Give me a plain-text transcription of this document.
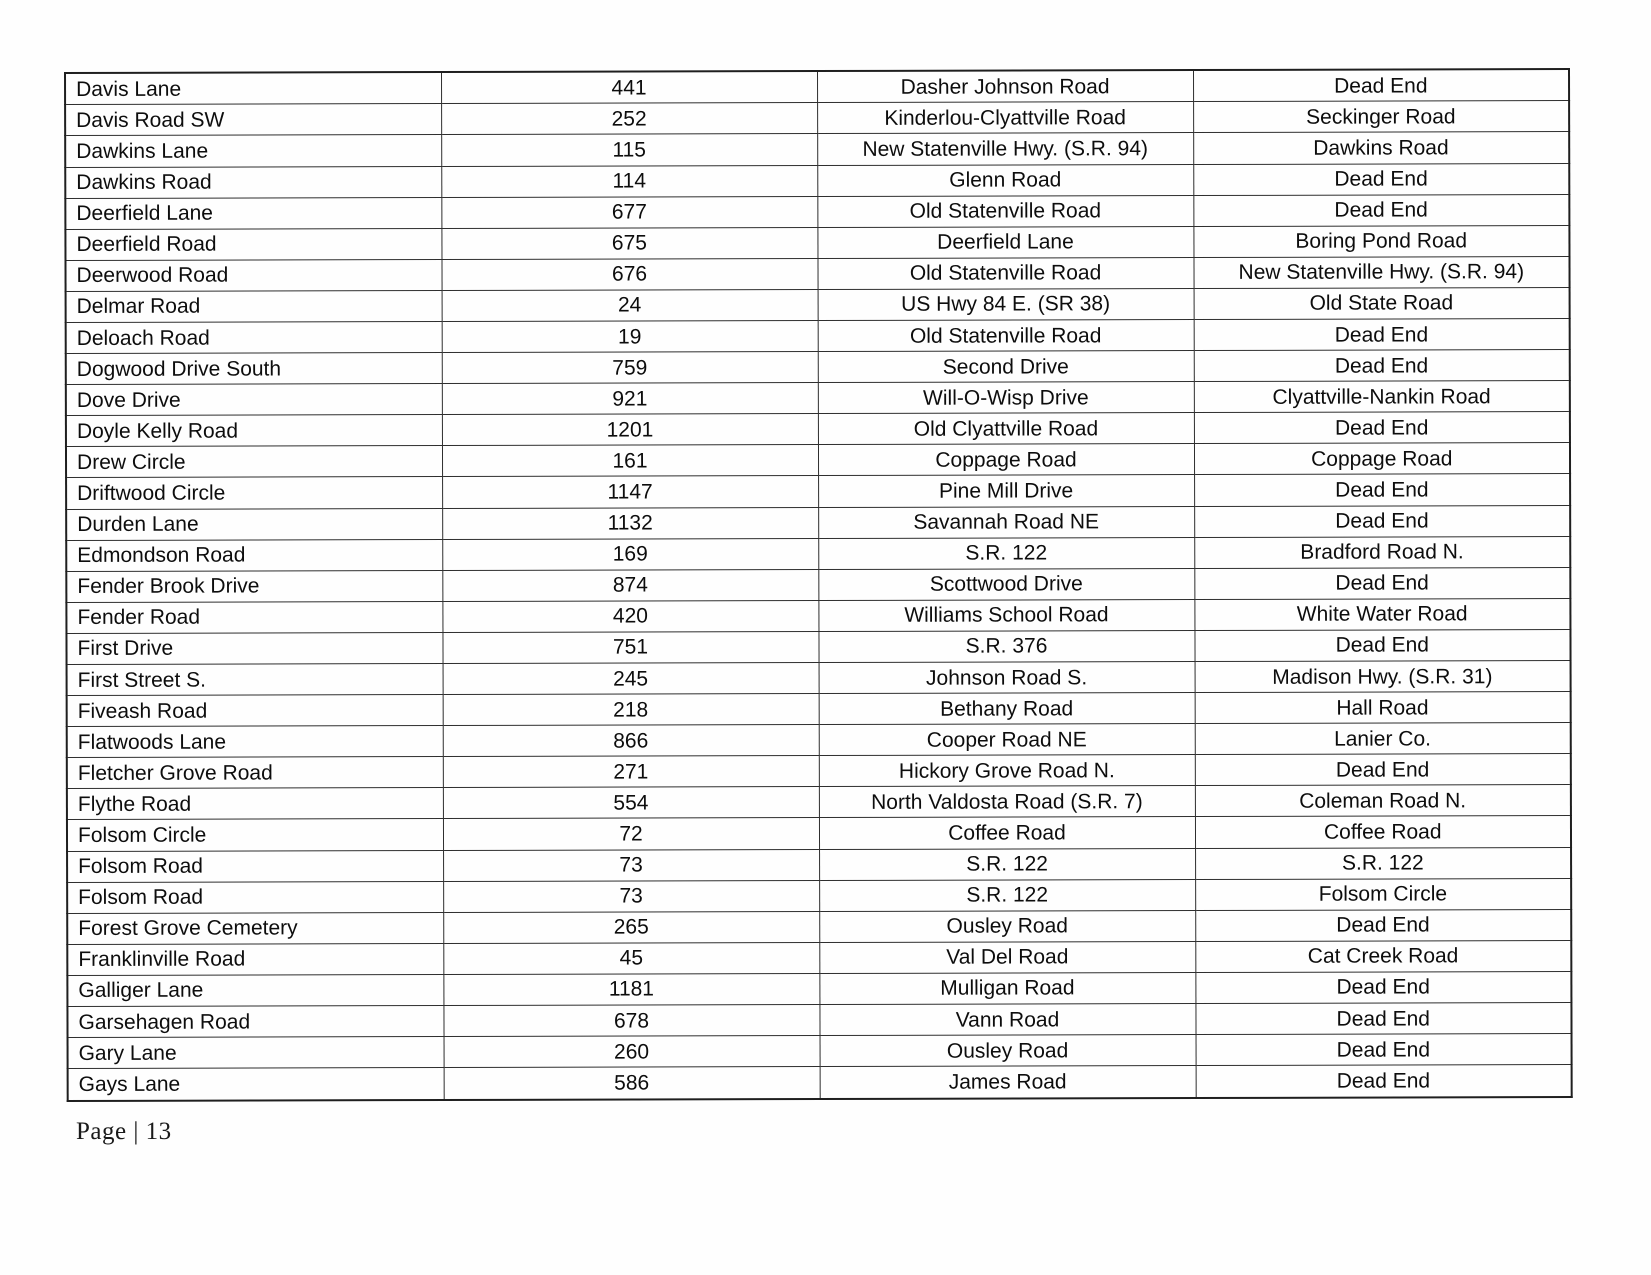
Davis Lane	441	Dasher Johnson Road	Dead End
Davis Road SW	252	Kinderlou-Clyattville Road	Seckinger Road
Dawkins Lane	115	New Statenville Hwy. (S.R. 94)	Dawkins Road
Dawkins Road	114	Glenn Road	Dead End
Deerfield Lane	677	Old Statenville Road	Dead End
Deerfield Road	675	Deerfield Lane	Boring Pond Road
Deerwood Road	676	Old Statenville Road	New Statenville Hwy. (S.R. 94)
Delmar Road	24	US Hwy 84 E. (SR 38)	Old State Road
Deloach Road	19	Old Statenville Road	Dead End
Dogwood Drive South	759	Second Drive	Dead End
Dove Drive	921	Will-O-Wisp Drive	Clyattville-Nankin Road
Doyle Kelly Road	1201	Old Clyattville Road	Dead End
Drew Circle	161	Coppage Road	Coppage Road
Driftwood Circle	1147	Pine Mill Drive	Dead End
Durden Lane	1132	Savannah Road NE	Dead End
Edmondson Road	169	S.R. 122	Bradford Road N.
Fender Brook Drive	874	Scottwood Drive	Dead End
Fender Road	420	Williams School Road	White Water Road
First Drive	751	S.R. 376	Dead End
First Street S.	245	Johnson Road S.	Madison Hwy. (S.R. 31)
Fiveash Road	218	Bethany Road	Hall Road
Flatwoods Lane	866	Cooper Road NE	Lanier Co.
Fletcher Grove Road	271	Hickory Grove Road N.	Dead End
Flythe Road	554	North Valdosta Road (S.R. 7)	Coleman Road N.
Folsom Circle	72	Coffee Road	Coffee Road
Folsom Road	73	S.R. 122	S.R. 122
Folsom Road	73	S.R. 122	Folsom Circle
Forest Grove Cemetery	265	Ousley Road	Dead End
Franklinville Road	45	Val Del Road	Cat Creek Road
Galliger Lane	1181	Mulligan Road	Dead End
Garsehagen Road	678	Vann Road	Dead End
Gary Lane	260	Ousley Road	Dead End
Gays Lane	586	James Road	Dead End
Page | 13
